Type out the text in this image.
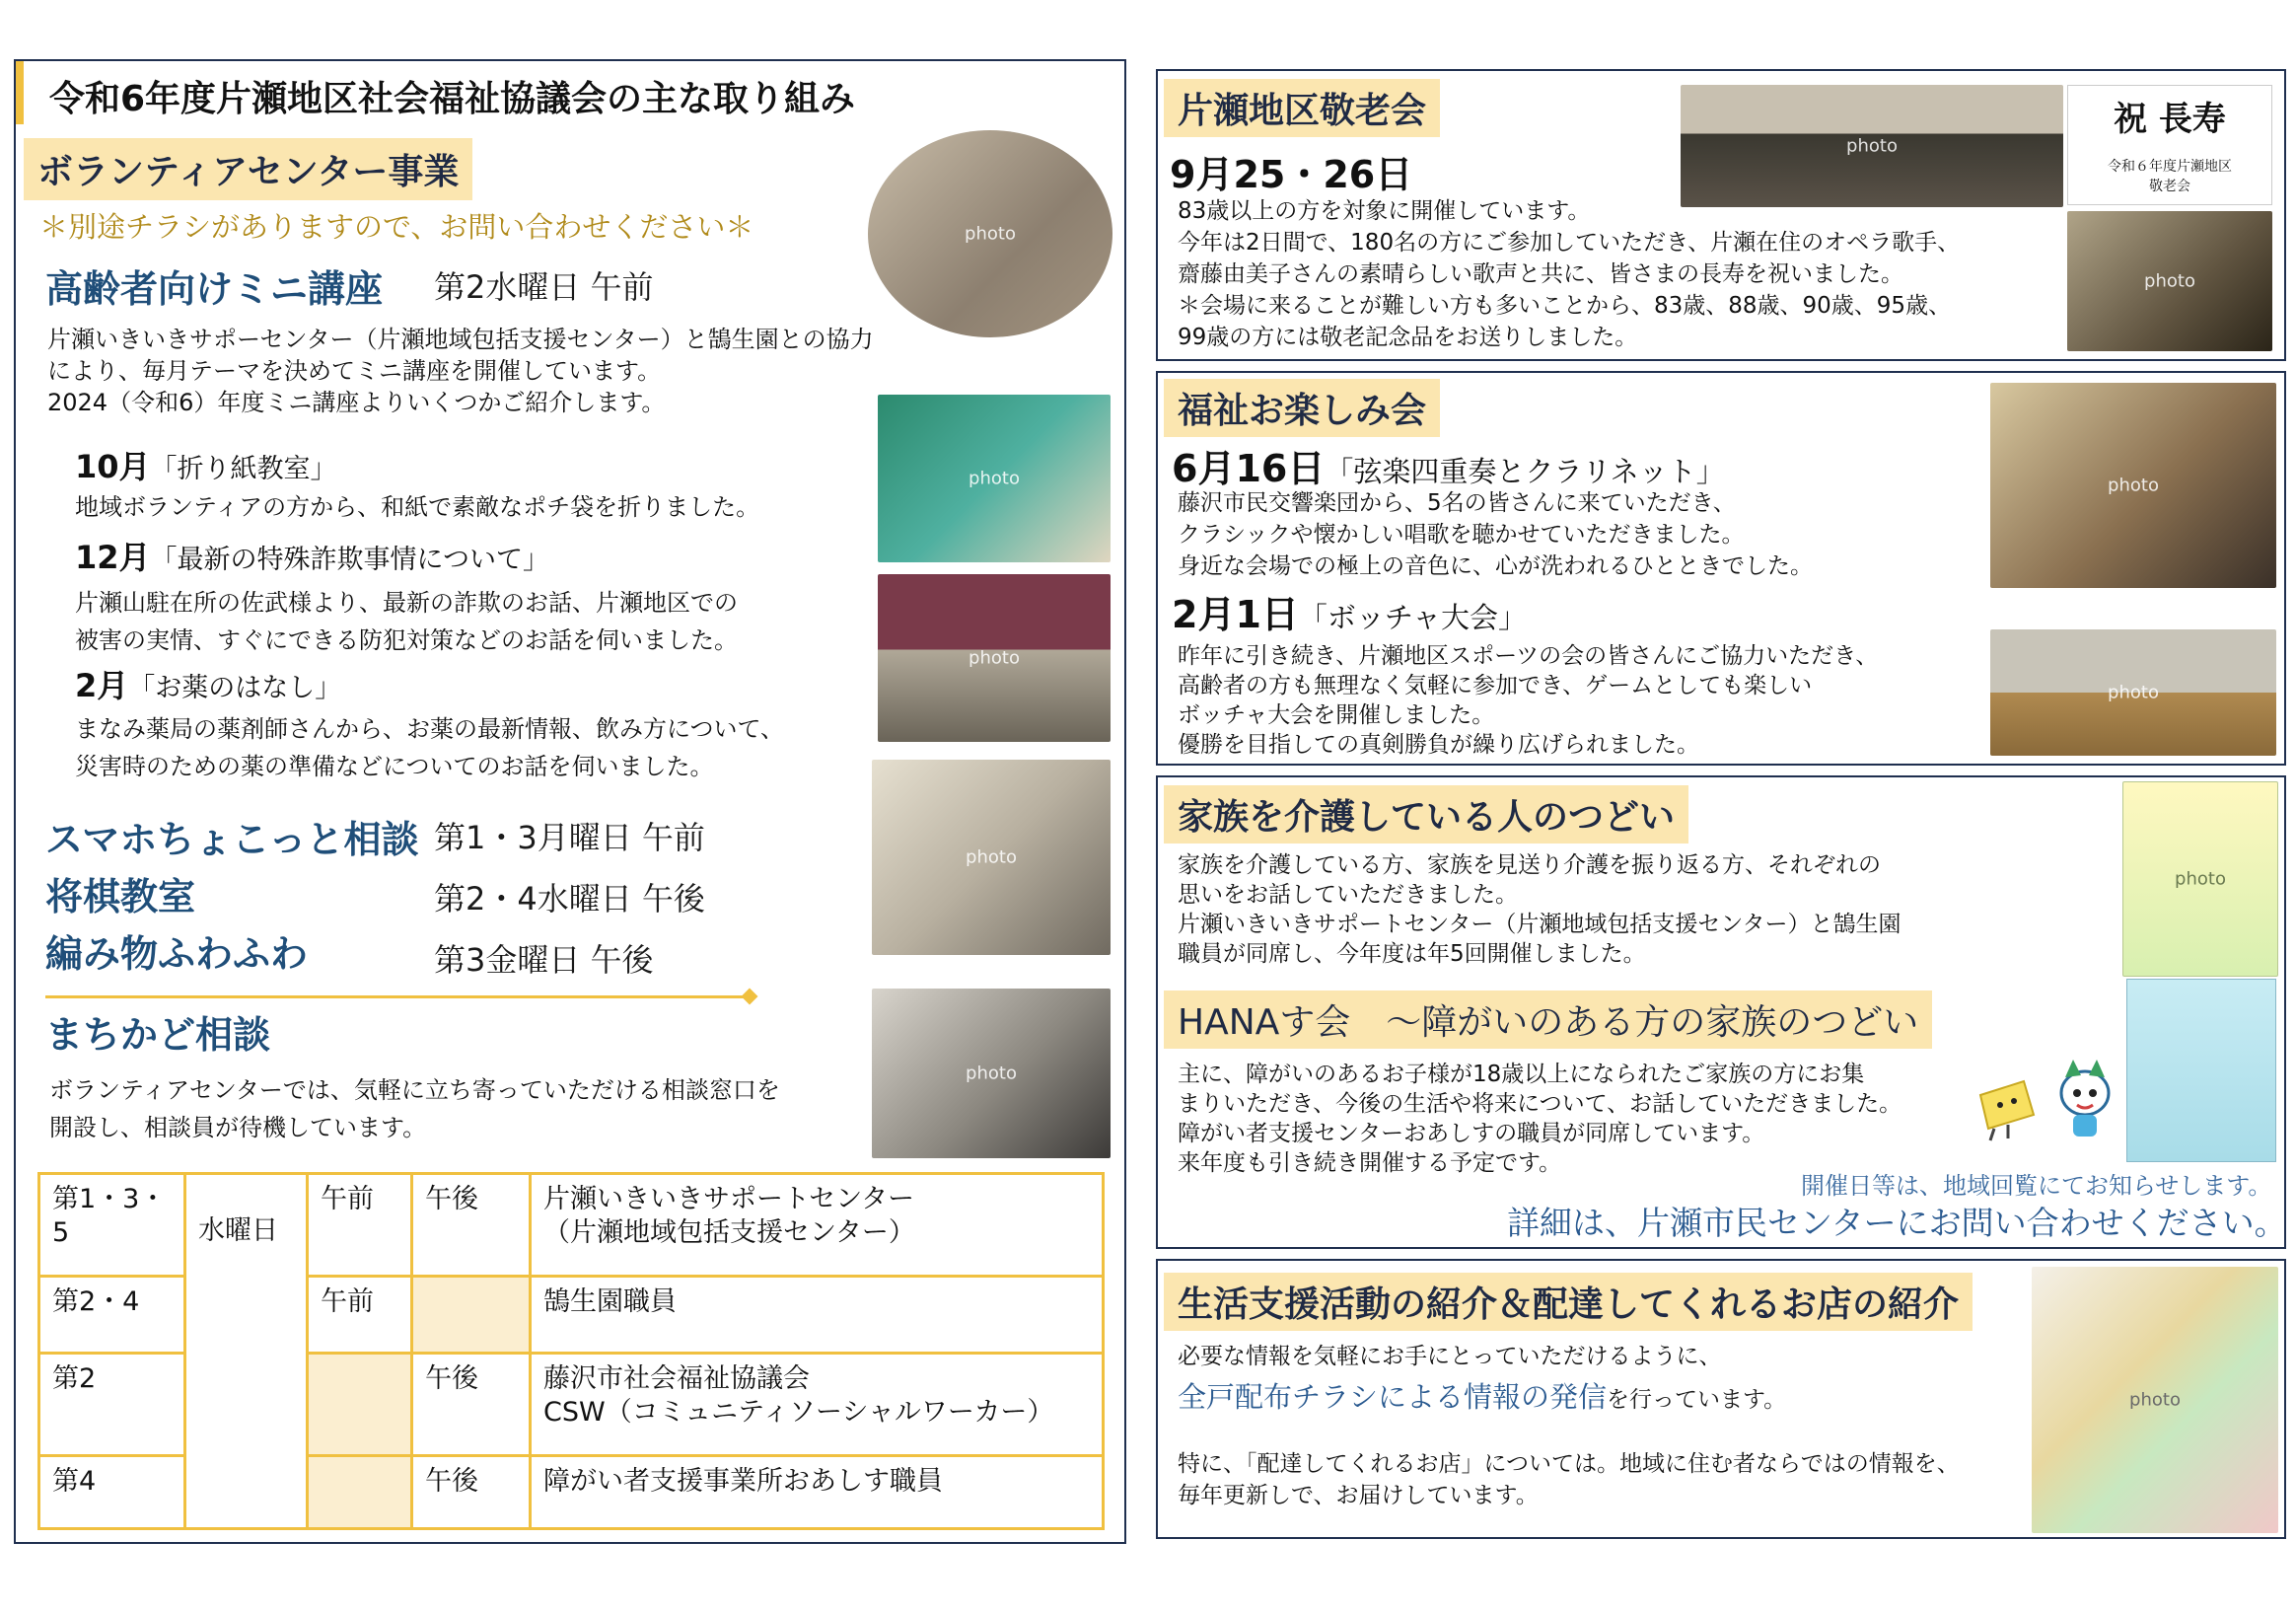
令和6年度片瀬地区社会福祉協議会の主な取り組み
ボランティアセンター事業
＊別途チラシがありますので、お問い合わせください＊
高齢者向けミニ講座 第2水曜日 午前
片瀬いきいきサポーセンター（片瀬地域包括支援センター）と鵠生園との協力
により、毎月テーマを決めてミニ講座を開催しています。
2024（令和6）年度ミニ講座よりいくつかご紹介します。
10月「折り紙教室」
地域ボランティアの方から、和紙で素敵なポチ袋を折りました。
12月「最新の特殊詐欺事情について」
片瀬山駐在所の佐武様より、最新の詐欺のお話、片瀬地区での
被害の実情、すぐにできる防犯対策などのお話を伺いました。
2月「お薬のはなし」
まなみ薬局の薬剤師さんから、お薬の最新情報、飲み方について、
災害時のための薬の準備などについてのお話を伺いました。
スマホちょこっと相談 第1・3月曜日 午前
将棋教室	第2・4水曜日 午後
編み物ふわふわ	第3金曜日 午後
まちかど相談
ボランティアセンターでは、気軽に立ち寄っていただける相談窓口を
開設し、相談員が待機しています。
photo
photo
photo
photo
photo
第1・3・5	水曜日	午前	午後	片瀬いきいきサポートセンター
（片瀬地域包括支援センター）

第2・4		午前		鵠生園職員

第2			午後	藤沢市社会福祉協議会
CSW（コミュニティソーシャルワーカー）

第4			午後	障がい者支援事業所おあしす職員
片瀬地区敬老会
9月25・26日
83歳以上の方を対象に開催しています。
今年は2日間で、180名の方にご参加していただき、片瀬在住のオペラ歌手、
齋藤由美子さんの素晴らしい歌声と共に、皆さまの長寿を祝いました。
＊会場に来ることが難しい方も多いことから、83歳、88歳、90歳、95歳、
99歳の方には敬老記念品をお送りしました。
photo
祝 長寿
令和６年度片瀬地区
敬老会
photo
福祉お楽しみ会
6月16日「弦楽四重奏とクラリネット」
藤沢市民交響楽団から、5名の皆さんに来ていただき、
クラシックや懐かしい唱歌を聴かせていただきました。
身近な会場での極上の音色に、心が洗われるひとときでした。
2月1日「ボッチャ大会」
昨年に引き続き、片瀬地区スポーツの会の皆さんにご協力いただき、
高齢者の方も無理なく気軽に参加でき、ゲームとしても楽しい
ボッチャ大会を開催しました。
優勝を目指しての真剣勝負が繰り広げられました。
photo
photo
家族を介護している人のつどい
家族を介護している方、家族を見送り介護を振り返る方、それぞれの
思いをお話していただきました。
片瀬いきいきサポートセンター（片瀬地域包括支援センター）と鵠生園
職員が同席し、今年度は年5回開催しました。
HANAす会　～障がいのある方の家族のつどい
主に、障がいのあるお子様が18歳以上になられたご家族の方にお集
まりいただき、今後の生活や将来について、お話していただきました。
障がい者支援センターおあしすの職員が同席しています。
来年度も引き続き開催する予定です。
開催日等は、地域回覧にてお知らせします。
詳細は、片瀬市民センターにお問い合わせください。
photo
生活支援活動の紹介＆配達してくれるお店の紹介
必要な情報を気軽にお手にとっていただけるように、
全戸配布チラシによる情報の発信を行っています。
特に、「配達してくれるお店」については。地域に住む者ならではの情報を、
毎年更新しで、お届けしています。
photo
